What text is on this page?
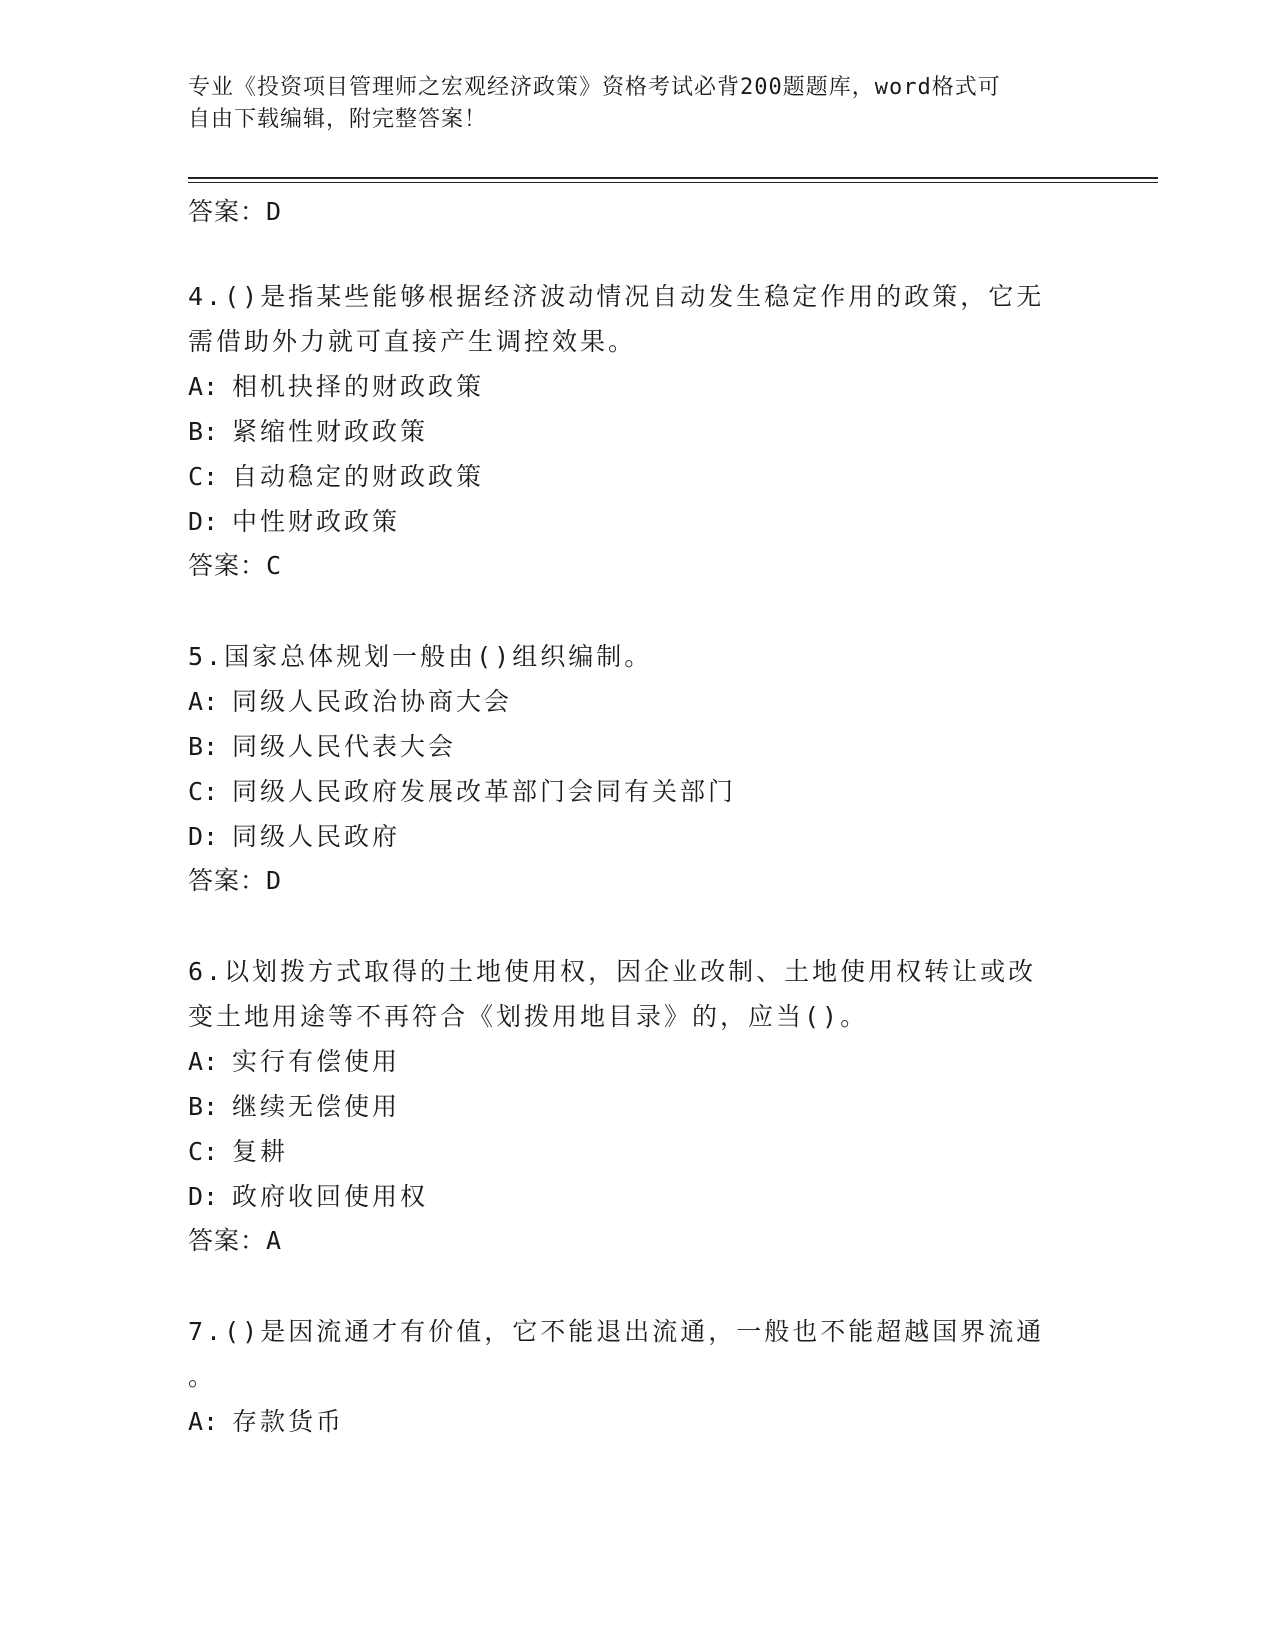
专业《投资项目管理师之宏观经济政策》资格考试必背200题题库，word格式可
自由下载编辑，附完整答案！
答案：D
4.()是指某些能够根据经济波动情况自动发生稳定作用的政策，它无
需借助外力就可直接产生调控效果。
A: 相机抉择的财政政策
B: 紧缩性财政政策
C: 自动稳定的财政政策
D: 中性财政政策
答案：C
5.国家总体规划一般由()组织编制。
A: 同级人民政治协商大会
B: 同级人民代表大会
C: 同级人民政府发展改革部门会同有关部门
D: 同级人民政府
答案：D
6.以划拨方式取得的土地使用权，因企业改制、土地使用权转让或改
变土地用途等不再符合《划拨用地目录》的，应当()。
A: 实行有偿使用
B: 继续无偿使用
C: 复耕
D: 政府收回使用权
答案：A
7.()是因流通才有价值，它不能退出流通，一般也不能超越国界流通
。
A: 存款货币
